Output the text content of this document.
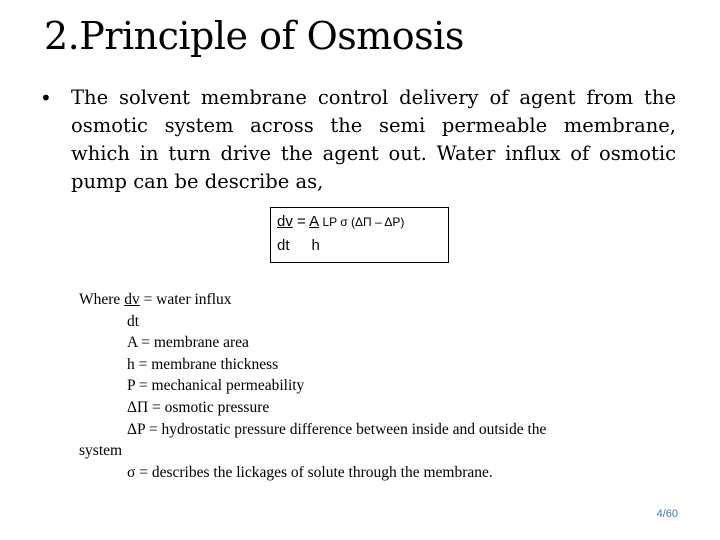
2.Principle of Osmosis
• The solvent membrane control delivery of agent from the osmotic system across the semi permeable membrane, which in turn drive the agent out. Water influx of osmotic pump can be describe as,
dv = A LP σ (ΔΠ – ΔP)
dt h
Where dv = water influx
dt
A = membrane area
h = membrane thickness
P = mechanical permeability
ΔΠ = osmotic pressure
ΔP = hydrostatic pressure difference between inside and outside the
system
σ = describes the lickages of solute through the membrane.
4/60
